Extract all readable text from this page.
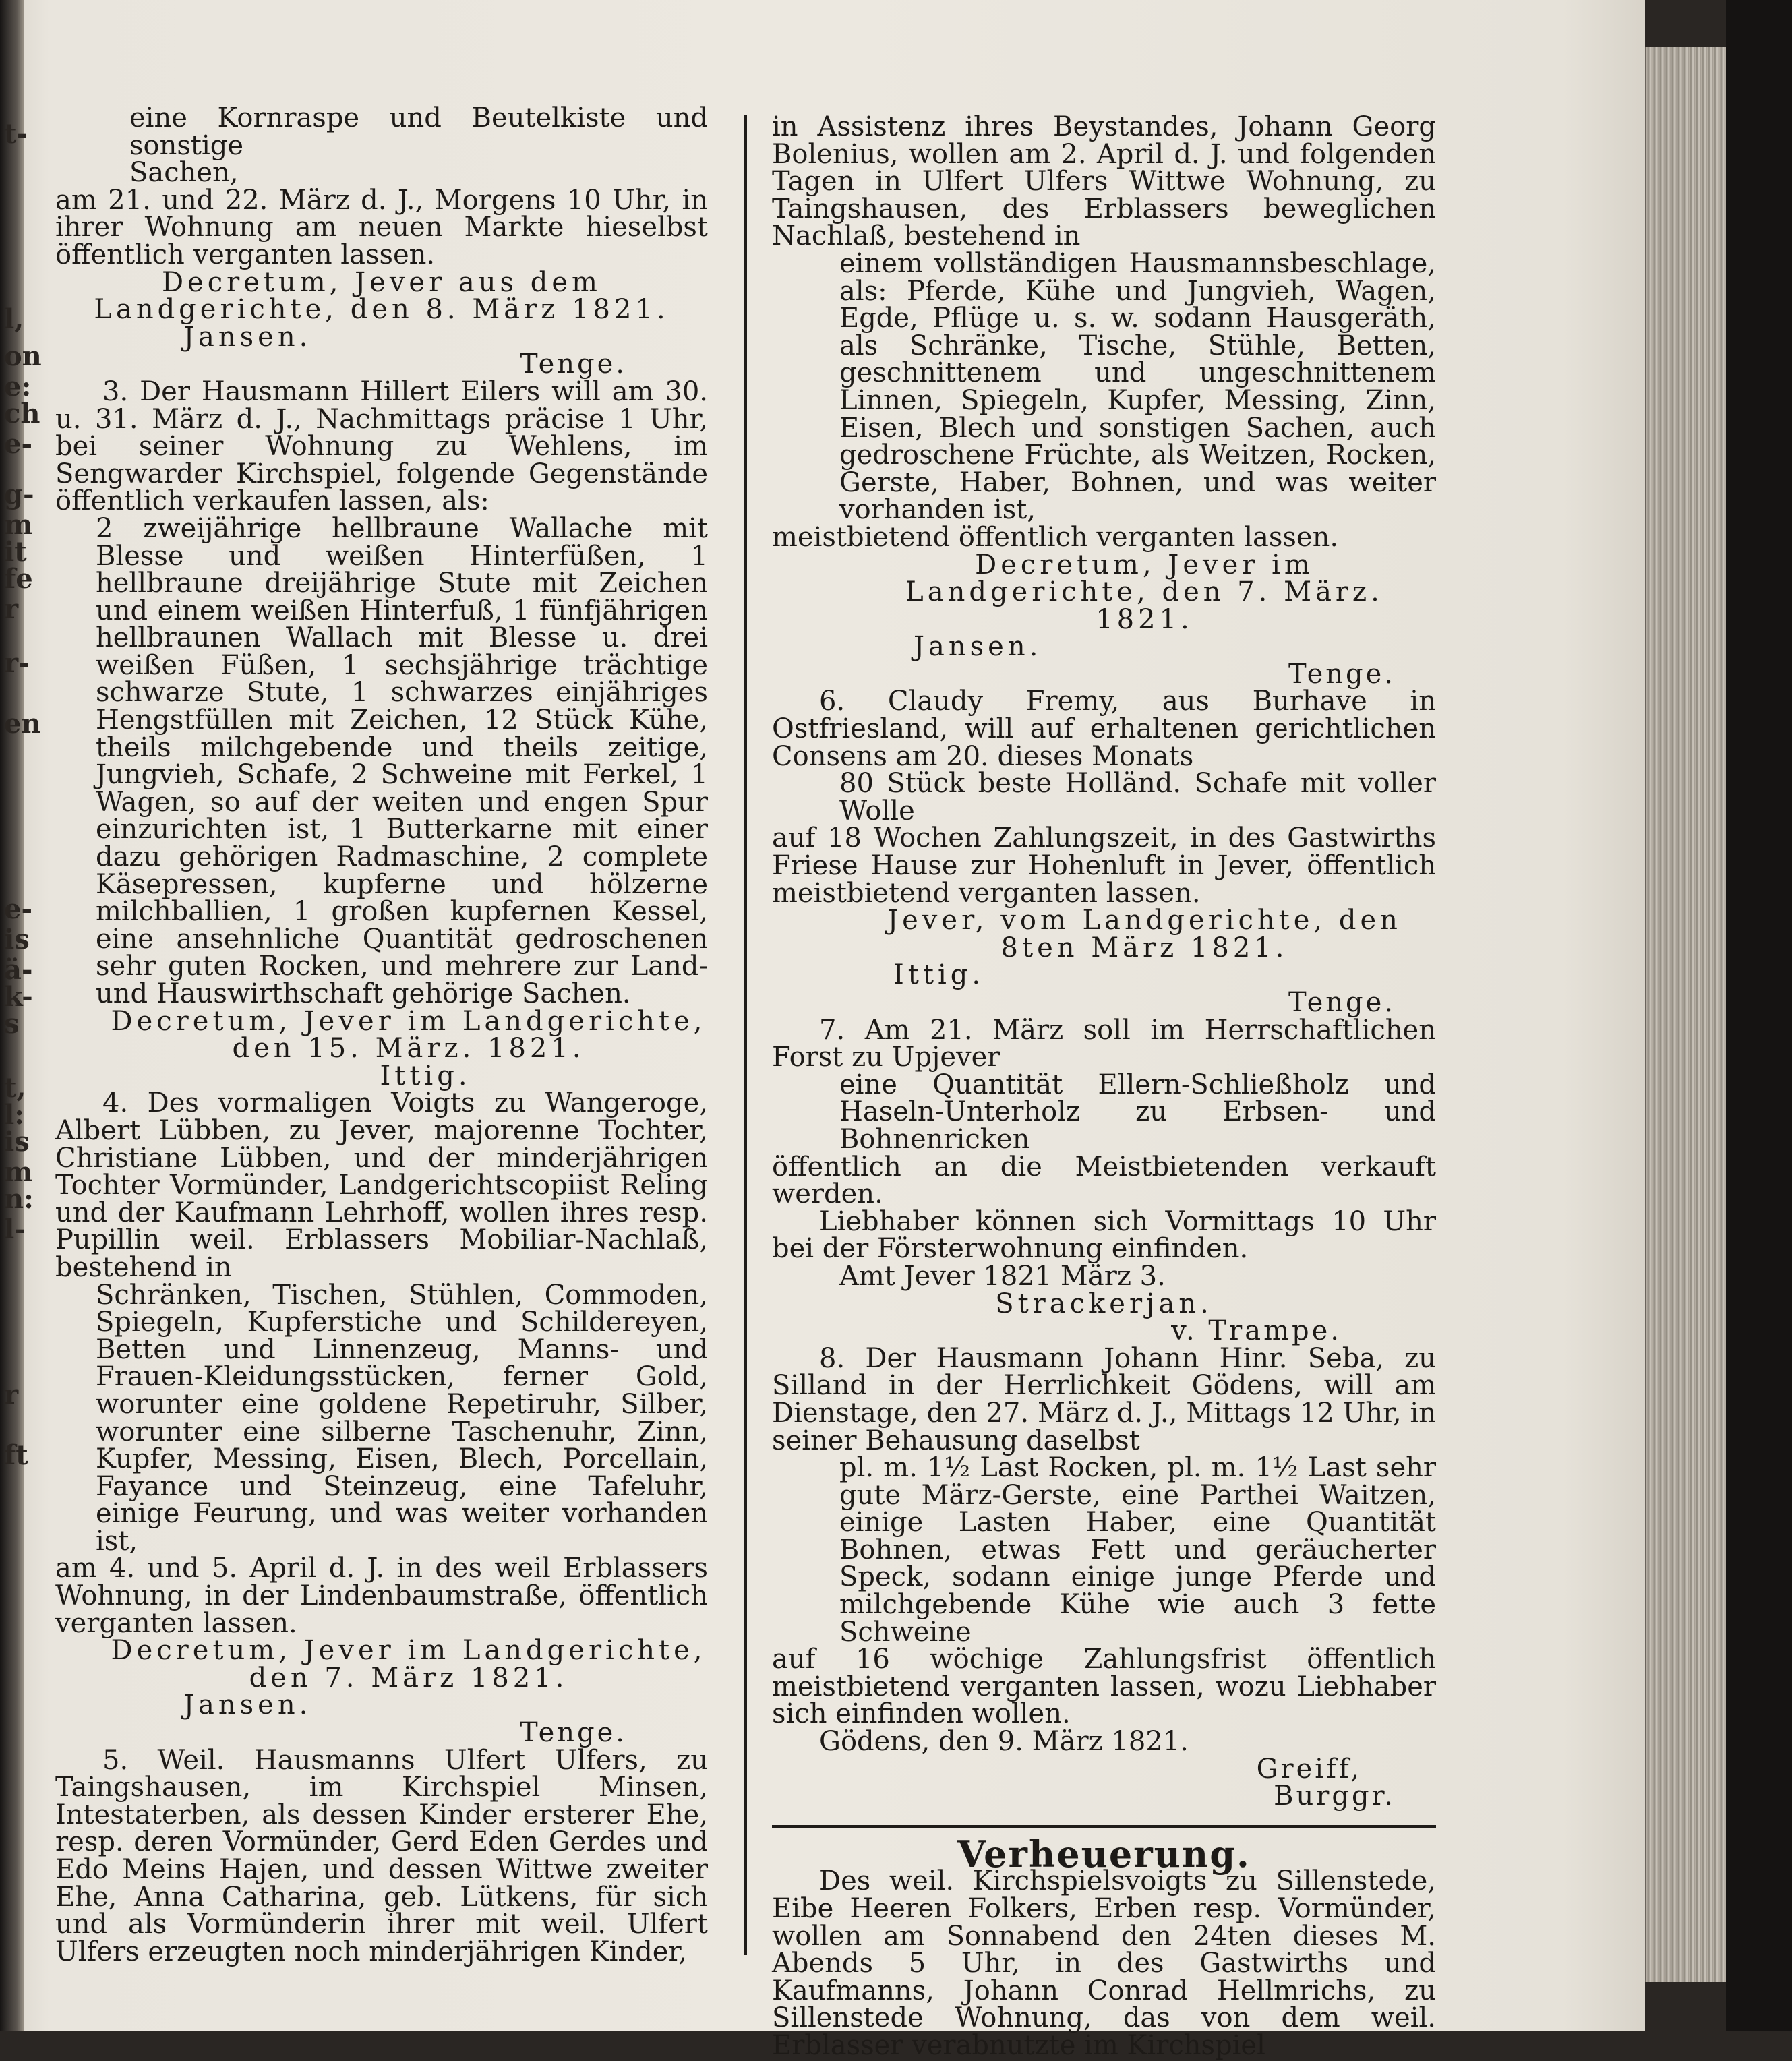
t-
l,
on
e:
ch
e-
g-
m
it
fe
r
r-
en
e-
is
ä-
k-
s
t,
l:
is
m
n:
l-
r
ft

eine Kornraspe und Beutelkiste und sonstige

Sachen,

am 21. und 22. März d. J., Morgens 10 Uhr, in ihrer Wohnung am neuen Markte hieselbst öffentlich verganten lassen.

Decretum, Jever aus dem Landgerichte, den 8. März 1821.

Jansen.

Tenge.

3. Der Hausmann Hillert Eilers will am 30. u. 31. März d. J., Nachmittags präcise 1 Uhr, bei seiner Wohnung zu Wehlens, im Sengwarder Kirchspiel, folgende Gegenstände öffentlich verkaufen lassen, als:

2 zweijährige hellbraune Wallache mit Blesse und weißen Hinterfüßen, 1 hellbraune dreijährige Stute mit Zeichen und einem weißen Hinterfuß, 1 fünfjährigen hellbraunen Wallach mit Blesse u. drei weißen Füßen, 1 sechsjährige trächtige schwarze Stute, 1 schwarzes einjähriges Hengstfüllen mit Zeichen, 12 Stück Kühe, theils milchgebende und theils zeitige, Jungvieh, Schafe, 2 Schweine mit Ferkel, 1 Wagen, so auf der weiten und engen Spur einzurichten ist, 1 Butterkarne mit einer dazu gehörigen Radmaschine, 2 complete Käsepressen, kupferne und hölzerne milchballien, 1 großen kupfernen Kessel, eine ansehnliche Quantität gedroschenen sehr guten Rocken, und mehrere zur Land- und Hauswirthschaft gehörige Sachen.

Decretum, Jever im Landgerichte, den 15. März. 1821.

Ittig.

4. Des vormaligen Voigts zu Wangeroge, Albert Lübben, zu Jever, majorenne Tochter, Christiane Lübben, und der minderjährigen Tochter Vormünder, Landgerichtscopiist Reling und der Kaufmann Lehrhoff, wollen ihres resp. Pupillin weil. Erblassers Mobiliar-Nachlaß, bestehend in

Schränken, Tischen, Stühlen, Commoden, Spiegeln, Kupferstiche und Schildereyen, Betten und Linnenzeug, Manns- und Frauen-Kleidungsstücken, ferner Gold, worunter eine goldene Repetiruhr, Silber, worunter eine silberne Taschenuhr, Zinn, Kupfer, Messing, Eisen, Blech, Porcellain, Fayance und Steinzeug, eine Tafeluhr, einige Feurung, und was weiter vorhanden ist,

am 4. und 5. April d. J. in des weil Erblassers Wohnung, in der Lindenbaumstraße, öffentlich verganten lassen.

Decretum, Jever im Landgerichte, den 7. März 1821.

Jansen.

Tenge.

5. Weil. Hausmanns Ulfert Ulfers, zu Taingshausen, im Kirchspiel Minsen, Intestaterben, als dessen Kinder ersterer Ehe, resp. deren Vormünder, Gerd Eden Gerdes und Edo Meins Hajen, und dessen Wittwe zweiter Ehe, Anna Catharina, geb. Lütkens, für sich und als Vormünderin ihrer mit weil. Ulfert Ulfers erzeugten noch minderjährigen Kinder,

in Assistenz ihres Beystandes, Johann Georg Bolenius, wollen am 2. April d. J. und folgenden Tagen in Ulfert Ulfers Wittwe Wohnung, zu Taingshausen, des Erblassers beweglichen Nachlaß, bestehend in

einem vollständigen Hausmannsbeschlage, als: Pferde, Kühe und Jungvieh, Wagen, Egde, Pflüge u. s. w. sodann Hausgeräth, als Schränke, Tische, Stühle, Betten, geschnittenem und ungeschnittenem Linnen, Spiegeln, Kupfer, Messing, Zinn, Eisen, Blech und sonstigen Sachen, auch gedroschene Früchte, als Weitzen, Rocken, Gerste, Haber, Bohnen, und was weiter vorhanden ist,

meistbietend öffentlich verganten lassen.

Decretum, Jever im Landgerichte, den 7. März. 1821.

Jansen.

Tenge.

6. Claudy Fremy, aus Burhave in Ostfriesland, will auf erhaltenen gerichtlichen Consens am 20. dieses Monats

80 Stück beste Holländ. Schafe mit voller Wolle

auf 18 Wochen Zahlungszeit, in des Gastwirths Friese Hause zur Hohenluft in Jever, öffentlich meistbietend verganten lassen.

Jever, vom Landgerichte, den 8ten März 1821.

Ittig.

Tenge.

7. Am 21. März soll im Herrschaftlichen Forst zu Upjever

eine Quantität Ellern-Schließholz und Haseln-Unterholz zu Erbsen- und Bohnenricken

öffentlich an die Meistbietenden verkauft werden.

Liebhaber können sich Vormittags 10 Uhr bei der Försterwohnung einfinden.

Amt Jever 1821 März 3.

Strackerjan.

v. Trampe.

8. Der Hausmann Johann Hinr. Seba, zu Silland in der Herrlichkeit Gödens, will am Dienstage, den 27. März d. J., Mittags 12 Uhr, in seiner Behausung daselbst

pl. m. 1½ Last Rocken, pl. m. 1½ Last sehr gute März-Gerste, eine Parthei Waitzen, einige Lasten Haber, eine Quantität Bohnen, etwas Fett und geräucherter Speck, sodann einige junge Pferde und milchgebende Kühe wie auch 3 fette Schweine

auf 16 wöchige Zahlungsfrist öffentlich meistbietend verganten lassen, wozu Liebhaber sich einfinden wollen.

Gödens, den 9. März 1821.

Greiff,

Burggr.

Verheuerung.

Des weil. Kirchspielsvoigts zu Sillenstede, Eibe Heeren Folkers, Erben resp. Vormünder, wollen am Sonnabend den 24ten dieses M. Abends 5 Uhr, in des Gastwirths und Kaufmanns, Johann Conrad Hellmrichs, zu Sillenstede Wohnung, das von dem weil. Erblasser verabnutzte im Kirchspiel
